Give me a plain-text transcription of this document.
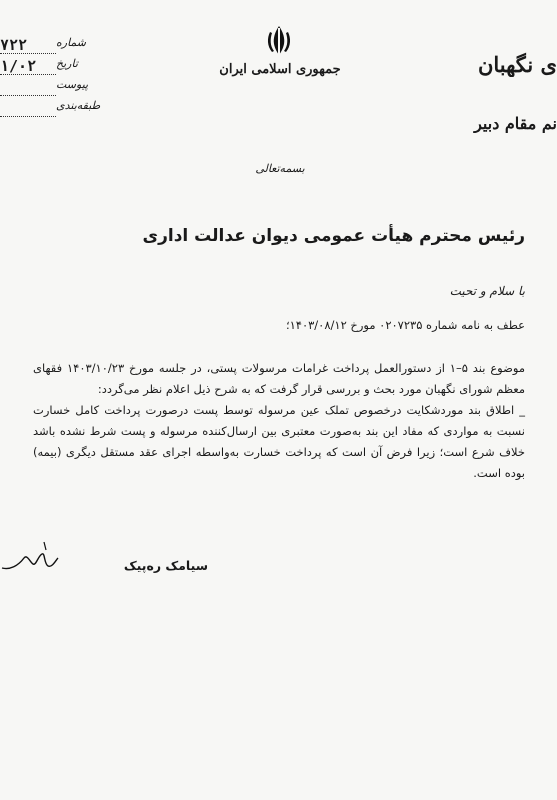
۷۲۲	شماره
۱/۰۲ تاریخ
پیوست
طبقه‌بندی
جمهوری اسلامی ایران
بسمه‌تعالی
ی نگهبان
نم مقام دبیر
رئیس محترم هیأت عمومی دیوان عدالت اداری
با سلام و تحیت
عطف به نامه شماره ۰۲۰۷۲۳۵ مورخ ۱۴۰۳/۰۸/۱۲؛
موضوع بند ۵–۱ از دستورالعمل پرداخت غرامات مرسولات پستی، در جلسه مورخ ۱۴۰۳/۱۰/۲۳ فقهای معظم شورای نگهبان مورد بحث و بررسی قرار گرفت که به شرح ذیل اعلام نظر می‌گردد:
_ اطلاق بند موردشکایت درخصوص تملک عین مرسوله توسط پست درصورت پرداخت کامل خسارت نسبت به مواردی که مفاد این بند به‌صورت معتبری بین ارسال‌کننده مرسوله و پست شرط نشده باشد خلاف شرع است؛ زیرا فرض آن است که پرداخت خسارت به‌واسطه اجرای عقد مستقل دیگری (بیمه) بوده است.
سیامک ره‌پیک
